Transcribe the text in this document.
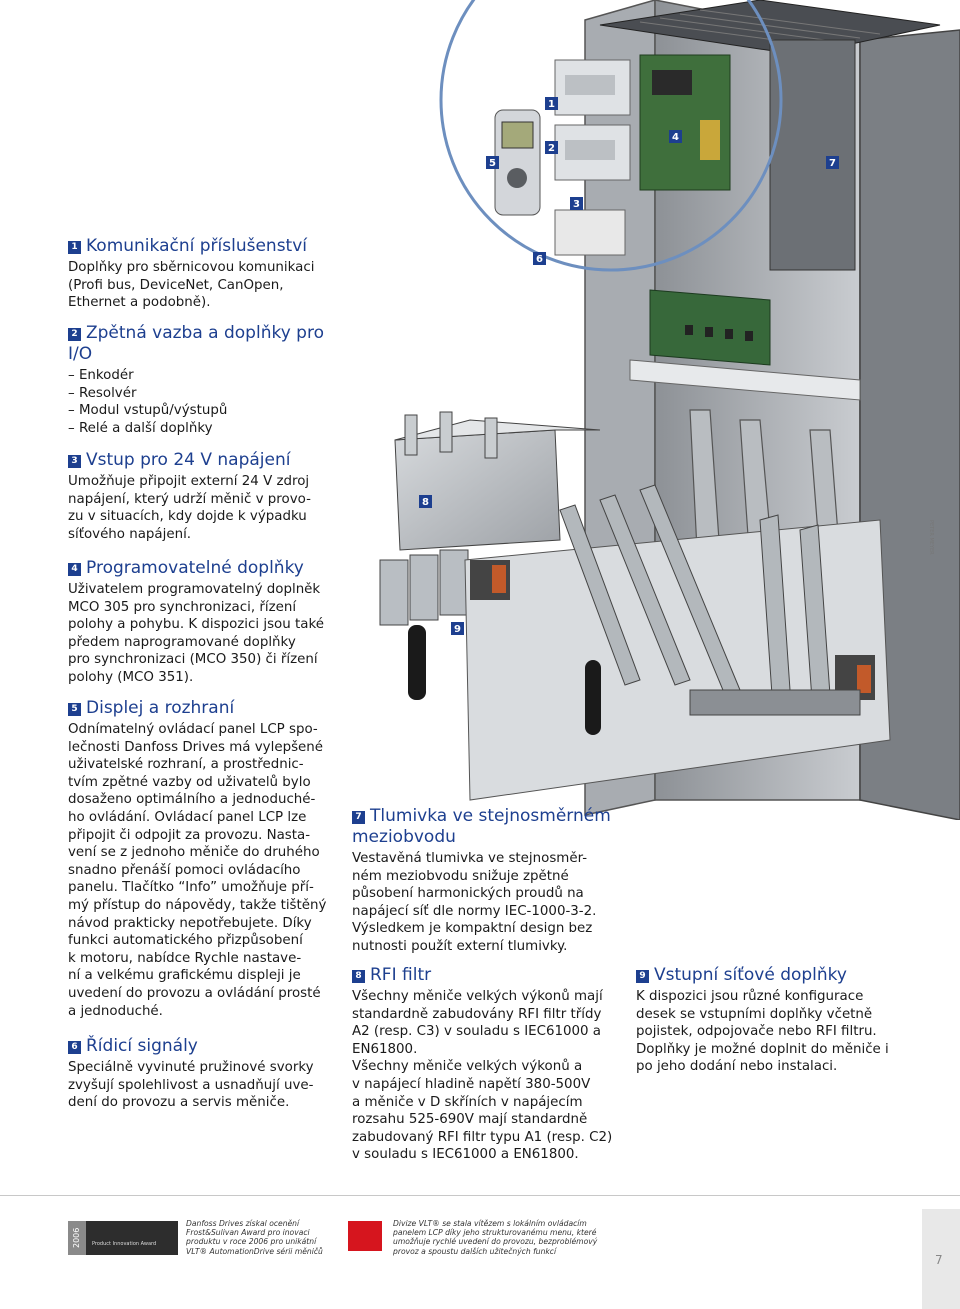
1
2
3
4
5
6
7
8
9
PETER MEYER
1 Komunikační příslušenství

Doplňky pro sběrnicovou komunikaci
(Profi bus, DeviceNet, CanOpen,
Ethernet a podobně).

2 Zpětná vazba a doplňky pro
I/O
– Enkodér
– Resolvér
– Modul vstupů/výstupů
– Relé a další doplňky
3 Vstup pro 24 V napájení

Umožňuje připojit externí 24 V zdroj
napájení, který udrží měnič v provo-
zu v situacích, kdy dojde k výpadku
síťového napájení.

4 Programovatelné doplňky

Uživatelem programovatelný doplněk
MCO 305 pro synchronizaci, řízení
polohy a pohybu. K dispozici jsou také
předem naprogramované doplňky
pro synchronizaci (MCO 350) či řízení
polohy (MCO 351).

5 Displej a rozhraní

Odnímatelný ovládací panel LCP spo-
lečnosti Danfoss Drives má vylepšené
uživatelské rozhraní, a prostřednic-
tvím zpětné vazby od uživatelů bylo
dosaženo optimálního a jednoduché-
ho ovládání. Ovládací panel LCP lze
připojit či odpojit za provozu. Nasta-
vení se z jednoho měniče do druhého
snadno přenáší pomoci ovládacího
panelu. Tlačítko “Info” umožňuje pří-
mý přístup do nápovědy, takže tištěný
návod prakticky nepotřebujete. Díky
funkci automatického přizpůsobení
k motoru, nabídce Rychle nastave-
ní a velkému grafickému displeji je
uvedení do provozu a ovládání prosté
a jednoduché.

6 Řídicí signály

Speciálně vyvinuté pružinové svorky
zvyšují spolehlivost a usnadňují uve-
dení do provozu a servis měniče.

7 Tlumivka ve stejnosměrném
meziobvodu

Vestavěná tlumivka ve stejnosměr-
ném meziobvodu snižuje zpětné
působení harmonických proudů na
napájecí síť dle normy IEC-1000-3-2.
Výsledkem je kompaktní design bez
nutnosti použít externí tlumivky.

8 RFI filtr

Všechny měniče velkých výkonů mají
standardně zabudovány RFI filtr třídy
A2 (resp. C3) v souladu s IEC61000 a
EN61800.
Všechny měniče velkých výkonů a
v napájecí hladině napětí 380-500V
a měniče v D skříních v napájecím
rozsahu 525-690V mají standardně
zabudovaný RFI filtr typu A1 (resp. C2)
v souladu s IEC61000 a EN61800.

9 Vstupní síťové doplňky

K dispozici jsou různé konfigurace
desek se vstupními doplňky včetně
pojistek, odpojovače nebo RFI filtru.
Doplňky je možné doplnit do měniče i
po jeho dodání nebo instalaci.

2006	Product Innovation Award
Danfoss Drives získal ocenění
Frost&Sulivan Award pro inovaci
produktu v roce 2006 pro unikátní
VLT® AutomationDrive sérii měničů
Divize VLT® se stala vítězem s lokálním ovládacím
panelem LCP díky jeho strukturovanému menu, které
umožňuje rychlé uvedení do provozu, bezproblémový
provoz a spoustu dalších užitečných funkcí
7
